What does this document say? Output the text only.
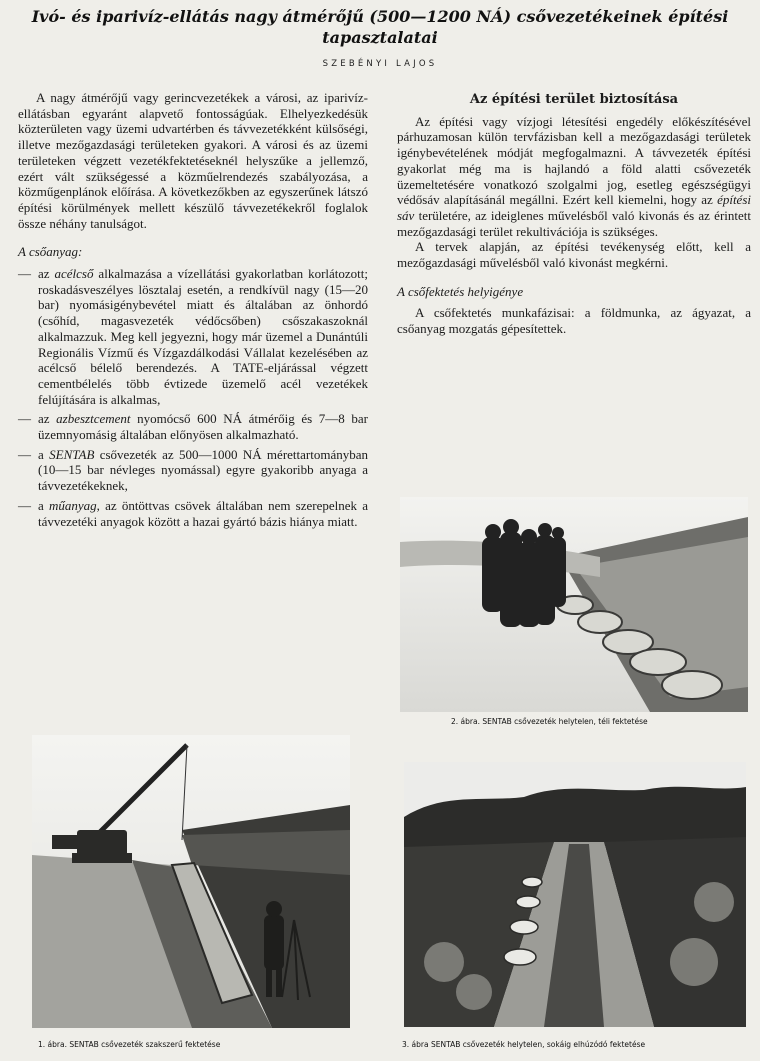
Ivó- és iparivíz-ellátás nagy átmérőjű (500—1200 NÁ) csővezetékeinek építési tapasztalatai
SZEBÉNYI LAJOS

A nagy átmérőjű vagy gerincvezetékek a városi, az iparivíz-ellátásban egyaránt alapvető fontosságúak. Elhelyezkedésük közterületen vagy üzemi udvartérben és távvezetékként külsőségi, illetve mezőgazdasági területeken gyakori. A városi és az üzemi területeken végzett vezetékfektetéseknél helyszűke a jellemző, ezért vált szükségessé a közműelrendezés szabályozása, a közműgenplánok előírása. A következőkben az egyszerűnek látszó építési körülmények mellett készülő távvezetékekről foglalok össze néhány tanulságot.

A csőanyag:

— az acélcső alkalmazása a vízellátási gyakorlatban korlátozott; roskadásveszélyes lösztalaj esetén, a rendkívül nagy (15—20 bar) nyomásigénybevétel miatt és általában az önhordó (csőhíd, magasvezeték védőcsőben) csőszakaszoknál alkalmazzuk. Meg kell jegyezni, hogy már üzemel a Dunántúli Regionális Vízmű és Vízgazdálkodási Vállalat kezelésében az acélcső bélelő berendezés. A TATE-eljárással végzett cementbélelés több évtizede üzemelő acél vezetékek felújítására is alkalmas,
— az azbesztcement nyomócső 600 NÁ átmérőig és 7—8 bar üzemnyomásig általában előnyösen alkalmazható.
— a SENTAB csővezeték az 500—1000 NÁ mérettartományban (10—15 bar névleges nyomással) egyre gyakoribb anyaga a távvezetékeknek,
— a műanyag, az öntöttvas csövek általában nem szerepelnek a távvezetéki anyagok között a hazai gyártó bázis hiánya miatt.

Az építési terület biztosítása

Az építési vagy vízjogi létesítési engedély előkészítésével párhuzamosan külön tervfázisban kell a mezőgazdasági területek igénybevételének módját megfogalmazni. A távvezeték építési gyakorlat még ma is hajlandó a föld alatti csővezeték üzemeltetésére vonatkozó szolgalmi jog, esetleg egészségügyi védősáv alapításánál megállni. Ezért kell kiemelni, hogy az építési sáv területére, az ideiglenes művelésből való kivonás és az érintett mezőgazdasági terület rekultivációja is szükséges.

A tervek alapján, az építési tevékenység előtt, kell a mezőgazdasági művelésből való kivonást megkérni.

A csőfektetés helyigénye

A csőfektetés munkafázisai: a földmunka, az ágyazat, a csőanyag mozgatás gépesítettek.

2. ábra. SENTAB csővezeték helytelen, téli fektetése
1. ábra. SENTAB csővezeték szakszerű fektetése	3. ábra SENTAB csővezeték helytelen, sokáig elhúzódó fektetése
